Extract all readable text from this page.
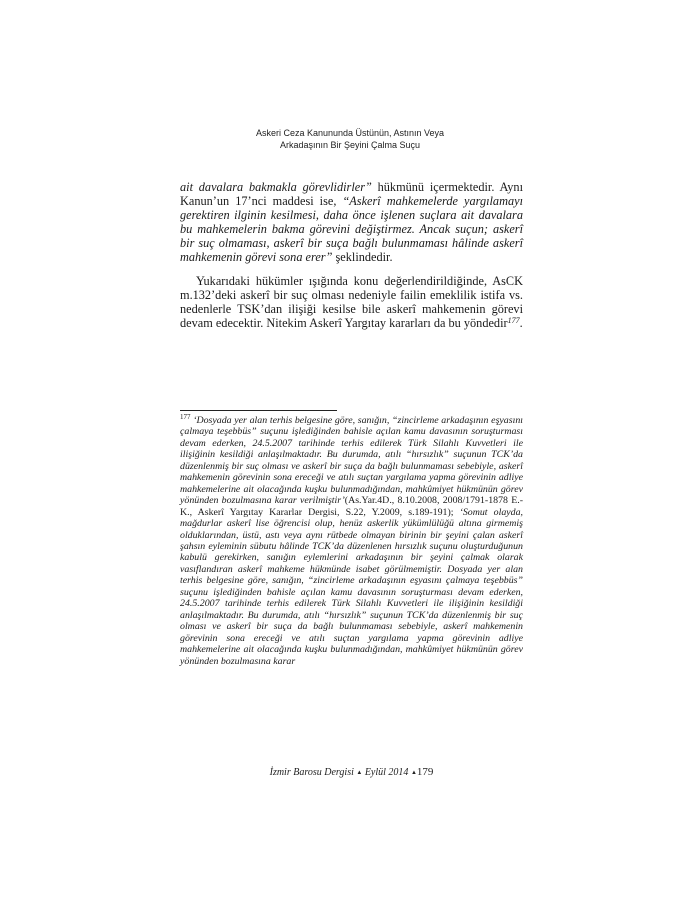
Askeri Ceza Kanununda Üstünün, Astının Veya
Arkadaşının Bir Şeyini Çalma Suçu

ait davalara bakmakla görevlidirler” hükmünü içermektedir. Aynı Kanun’un 17’nci maddesi ise, “Askerî mahkemelerde yargılamayı gerektiren ilginin kesilmesi, daha önce işlenen suçlara ait davalara bu mahkemelerin bakma görevini değiştirmez. Ancak suçun; askerî bir suç olmaması, askerî bir suça bağlı bulunmaması hâlinde askerî mahkemenin görevi sona erer” şeklindedir.

Yukarıdaki hükümler ışığında konu değerlendirildiğinde, AsCK m.132’deki askerî bir suç olması nedeniyle failin emeklilik istifa vs. nedenlerle TSK’dan ilişiği kesilse bile askerî mahkemenin görevi devam edecektir. Nitekim Askerî Yargıtay kararları da bu yöndedir$^{177}$.

$^{177}$ ‘Dosyada yer alan terhis belgesine göre, sanığın, “zincirleme arkadaşının eşyasını çalmaya teşebbüs” suçunu işlediğinden bahisle açılan kamu davasının soruşturması devam ederken, 24.5.2007 tarihinde terhis edilerek Türk Silahlı Kuvvetleri ile ilişiğinin kesildiği anlaşılmaktadır. Bu durumda, atılı “hırsızlık” suçunun TCK’da düzenlenmiş bir suç olması ve askerî bir suça da bağlı bulunmaması sebebiyle, askerî mahkemenin görevinin sona ereceği ve atılı suçtan yargılama yapma görevinin adliye mahkemelerine ait olacağında kuşku bulunmadığından, mahkûmiyet hükmünün görev yönünden bozulmasına karar verilmiştir’(As.Yar.4D., 8.10.2008, 2008/1791-1878 E.-K., Askerî Yargıtay Kararlar Dergisi, S.22, Y.2009, s.189-191); ‘Somut olayda, mağdurlar askerî lise öğrencisi olup, henüz askerlik yükümlülüğü altına girmemiş olduklarından, üstü, astı veya aynı rütbede olmayan birinin bir şeyini çalan askerî şahsın eyleminin sübutu hâlinde TCK’da düzenlenen hırsızlık suçunu oluşturduğunun kabulü gerekirken, sanığın eylemlerini arkadaşının bir şeyini çalmak olarak vasıflandıran askerî mahkeme hükmünde isabet görülmemiştir. Dosyada yer alan terhis belgesine göre, sanığın, “zincirleme arkadaşının eşyasını çalmaya teşebbüs” suçunu işlediğinden bahisle açılan kamu davasının soruşturması devam ederken, 24.5.2007 tarihinde terhis edilerek Türk Silahlı Kuvvetleri ile ilişiğinin kesildiği anlaşılmaktadır. Bu durumda, atılı “hırsızlık” suçunun TCK’da düzenlenmiş bir suç olması ve askerî bir suça da bağlı bulunmaması sebebiyle, askerî mahkemenin görevinin sona ereceği ve atılı suçtan yargılama yapma görevinin adliye mahkemelerine ait olacağında kuşku bulunmadığından, mahkûmiyet hükmünün görev yönünden bozulmasına karar
İzmir Barosu Dergisi ▲ Eylül 2014 ▲179
